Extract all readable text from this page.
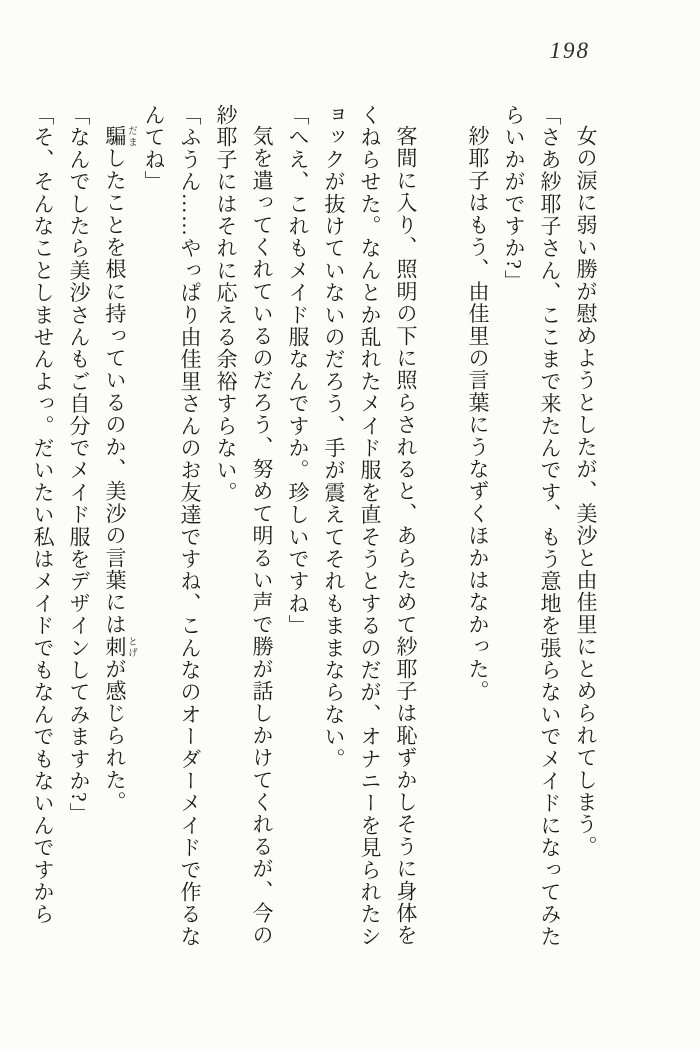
198

女の涙に弱い勝が慰めようとしたが、美沙と由佳里にとめられてしまう。

「さあ紗耶子さん、ここまで来たんです、もう意地を張らないでメイドになってみたらいかがですか?」

紗耶子はもう、由佳里の言葉にうなずくほかはなかった。

客間に入り、照明の下に照らされると、あらためて紗耶子は恥ずかしそうに身体をくねらせた。なんとか乱れたメイド服を直そうとするのだが、オナニーを見られたショックが抜けていないのだろう、手が震えてそれもままならない。

「へえ、これもメイド服なんですか。珍しいですね」

気を遣ってくれているのだろう、努めて明るい声で勝が話しかけてくれるが、今の紗耶子にはそれに応える余裕すらない。

「ふうん……やっぱり由佳里さんのお友達ですね、こんなのオーダーメイドで作るなんてね」

騙 だましたことを根に持っているのか、美沙の言葉には刺 とげが感じられた。

「なんでしたら美沙さんもご自分でメイド服をデザインしてみますか?」

「そ、そんなことしませんよっ。だいたい私はメイドでもなんでもないんですから
